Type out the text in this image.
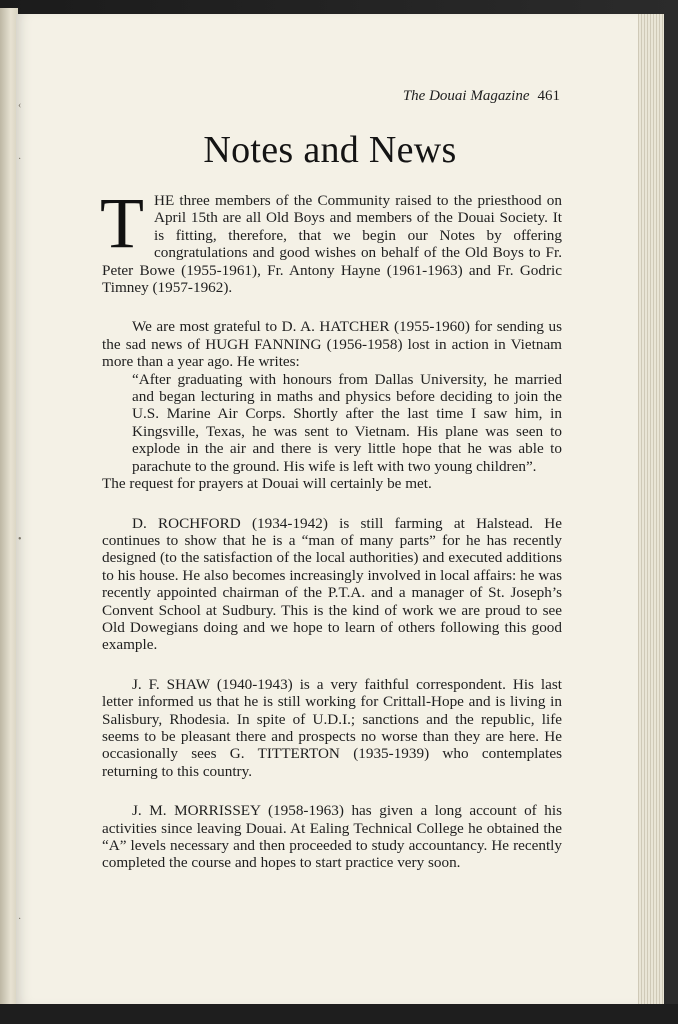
‹
·
•
·
The Douai Magazine 461
Notes and News

THE three members of the Community raised to the priesthood on April 15th are all Old Boys and members of the Douai Society. It is fitting, therefore, that we begin our Notes by offering congratulations and good wishes on behalf of the Old Boys to Fr. Peter Bowe (1955-1961), Fr. Antony Hayne (1961-1963) and Fr. Godric Timney (1957-1962).

We are most grateful to D. A. HATCHER (1955-1960) for sending us the sad news of HUGH FANNING (1956-1958) lost in action in Vietnam more than a year ago. He writes:

“After graduating with honours from Dallas University, he married and began lecturing in maths and physics before deciding to join the U.S. Marine Air Corps. Shortly after the last time I saw him, in Kingsville, Texas, he was sent to Vietnam. His plane was seen to explode in the air and there is very little hope that he was able to parachute to the ground. His wife is left with two young children”.

The request for prayers at Douai will certainly be met.

D. ROCHFORD (1934-1942) is still farming at Halstead. He continues to show that he is a “man of many parts” for he has recently designed (to the satisfaction of the local authorities) and executed additions to his house. He also becomes increasingly involved in local affairs: he was recently appointed chairman of the P.T.A. and a manager of St. Joseph’s Convent School at Sudbury. This is the kind of work we are proud to see Old Dowegians doing and we hope to learn of others following this good example.

J. F. SHAW (1940-1943) is a very faithful correspondent. His last letter informed us that he is still working for Crittall-Hope and is living in Salisbury, Rhodesia. In spite of U.D.I.; sanctions and the republic, life seems to be pleasant there and prospects no worse than they are here. He occasionally sees G. TITTERTON (1935-1939) who contemplates returning to this country.

J. M. MORRISSEY (1958-1963) has given a long account of his activities since leaving Douai. At Ealing Technical College he obtained the “A” levels necessary and then proceeded to study accountancy. He recently completed the course and hopes to start practice very soon.
